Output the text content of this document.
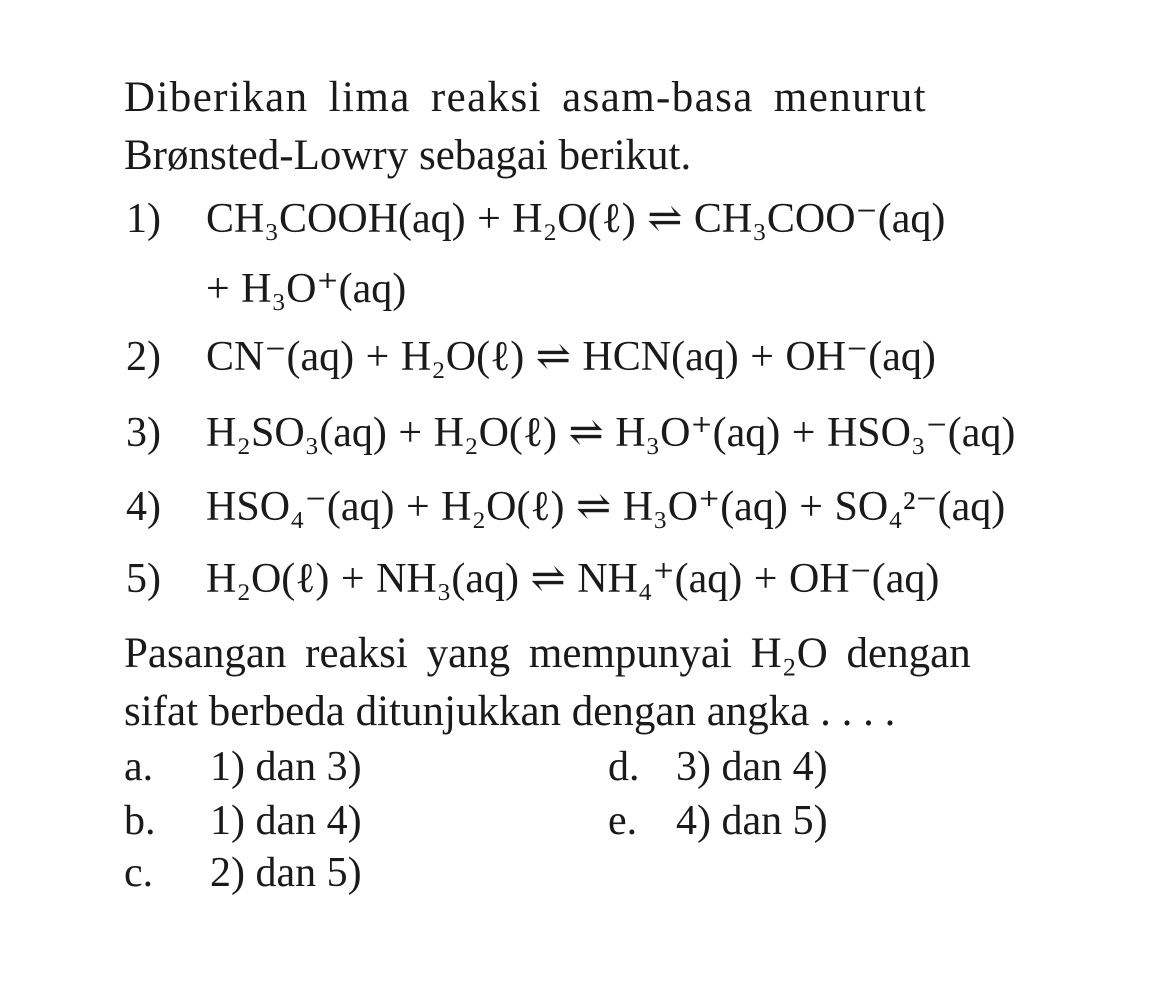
Diberikan lima reaksi asam-basa menurut
Brønsted-Lowry sebagai berikut.
1) CH₃COOH(aq) + H₂O(ℓ) ⇌ CH₃COO⁻(aq)
+ H₃O⁺(aq)
2) CN⁻(aq) + H₂O(ℓ) ⇌ HCN(aq) + OH⁻(aq)
3) H₂SO₃(aq) + H₂O(ℓ) ⇌ H₃O⁺(aq) + HSO₃⁻(aq)
4) HSO₄⁻(aq) + H₂O(ℓ) ⇌ H₃O⁺(aq) + SO₄²⁻(aq)
5) H₂O(ℓ) + NH₃(aq) ⇌ NH₄⁺(aq) + OH⁻(aq)
Pasangan reaksi yang mempunyai H₂O dengan
sifat berbeda ditunjukkan dengan angka . . . .
a. 1) dan 3)
b. 1) dan 4)
c. 2) dan 5)
d. 3) dan 4)
e. 4) dan 5)
